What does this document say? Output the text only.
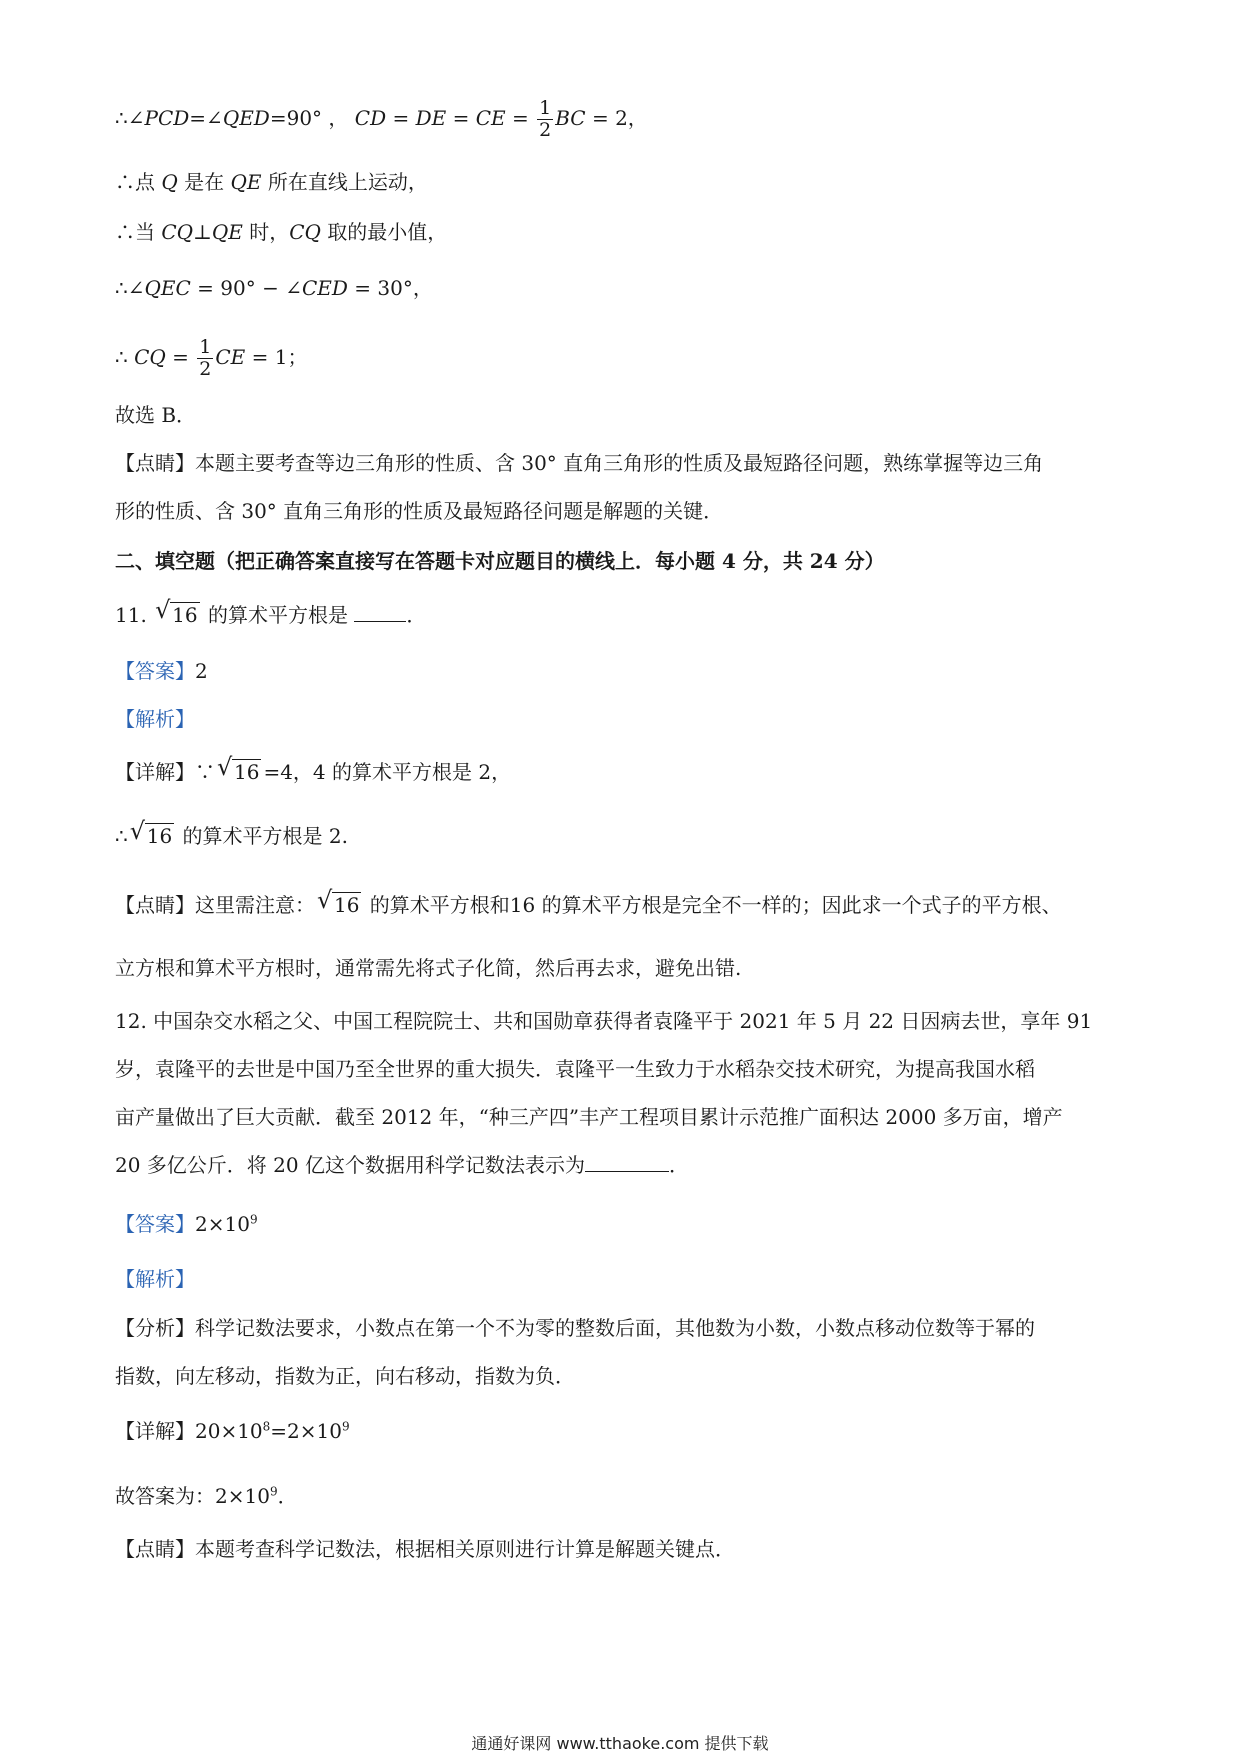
∴∠PCD=∠QED=90° ， CD = DE = CE = $\frac{1}{2}$ BC = 2，
∴点 Q 是在 QE 所在直线上运动，
∴当 CQ⊥QE 时，CQ 取的最小值，
∴∠QEC = 90° − ∠CED = 30°，
∴ CQ = $\frac{1}{2}$ CE = 1；
故选 B．
【点睛】本题主要考查等边三角形的性质、含 30° 直角三角形的性质及最短路径问题，熟练掌握等边三角
形的性质、含 30° 直角三角形的性质及最短路径问题是解题的关键．
二、填空题（把正确答案直接写在答题卡对应题目的横线上．每小题 4 分，共 24 分）
11. √ 16 的算术平方根是	．
【答案】2
【解析】
【详解】∵ √ 16 =4，4 的算术平方根是 2，
∴ √ 16 的算术平方根是 2.
【点睛】这里需注意： √ 16 的算术平方根和16 的算术平方根是完全不一样的；因此求一个式子的平方根、
立方根和算术平方根时，通常需先将式子化简，然后再去求，避免出错.
12. 中国杂交水稻之父、中国工程院院士、共和国勋章获得者袁隆平于 2021 年 5 月 22 日因病去世，享年 91
岁，袁隆平的去世是中国乃至全世界的重大损失．袁隆平一生致力于水稻杂交技术研究，为提高我国水稻
亩产量做出了巨大贡献．截至 2012 年，“种三产四”丰产工程项目累计示范推广面积达 2000 多万亩，增产
20 多亿公斤．将 20 亿这个数据用科学记数法表示为	．
【答案】$2\times 10^9$
【解析】
【分析】科学记数法要求，小数点在第一个不为零的整数后面，其他数为小数，小数点移动位数等于幂的
指数，向左移动，指数为正，向右移动，指数为负．
【详解】$20\times 10^8=2\times 10^9$
故答案为：$2\times 10^9$．
【点睛】本题考查科学记数法，根据相关原则进行计算是解题关键点．
通通好课网 www.tthaoke.com 提供下载
